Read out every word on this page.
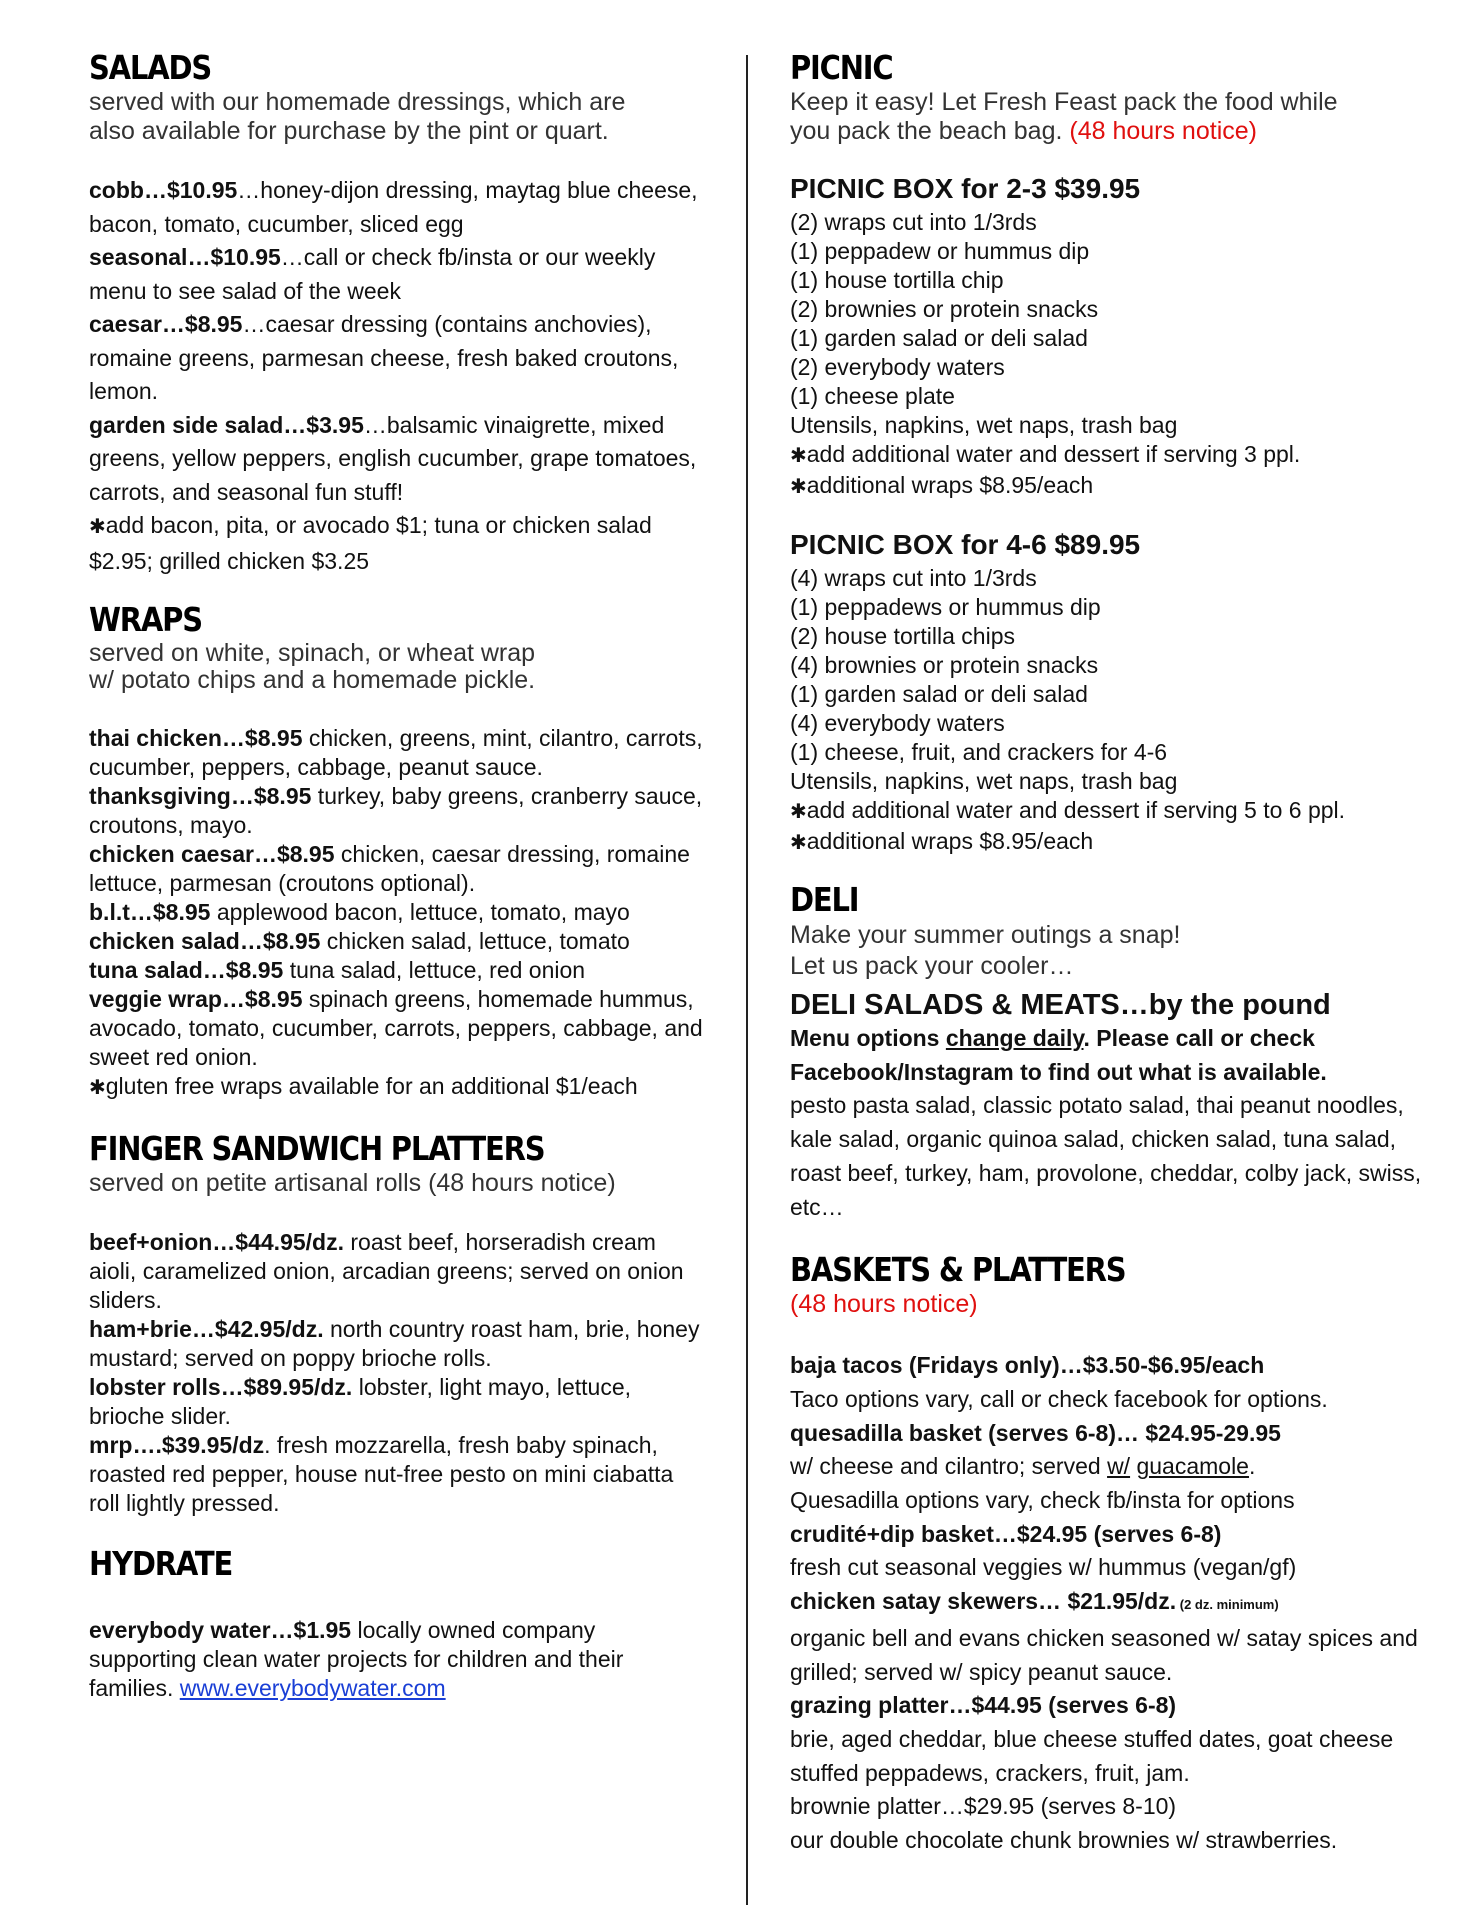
SALADS

served with our homemade dressings, which are
also available for purchase by the pint or quart.

cobb…$10.95…honey-dijon dressing, maytag blue cheese, bacon, tomato, cucumber, sliced egg
seasonal…$10.95…call or check fb/insta or our weekly menu to see salad of the week
caesar…$8.95…caesar dressing (contains anchovies), romaine greens, parmesan cheese, fresh baked croutons, lemon.
garden side salad…$3.95…balsamic vinaigrette, mixed greens, yellow peppers, english cucumber, grape tomatoes, carrots, and seasonal fun stuff!
✱add bacon, pita, or avocado $1; tuna or chicken salad $2.95; grilled chicken $3.25
WRAPS

served on white, spinach, or wheat wrap
w/ potato chips and a homemade pickle.

thai chicken…$8.95 chicken, greens, mint, cilantro, carrots, cucumber, peppers, cabbage, peanut sauce.
thanksgiving…$8.95 turkey, baby greens, cranberry sauce, croutons, mayo.
chicken caesar…$8.95 chicken, caesar dressing, romaine lettuce, parmesan (croutons optional).
b.l.t…$8.95 applewood bacon, lettuce, tomato, mayo
chicken salad…$8.95 chicken salad, lettuce, tomato
tuna salad…$8.95 tuna salad, lettuce, red onion
veggie wrap…$8.95 spinach greens, homemade hummus, avocado, tomato, cucumber, carrots, peppers, cabbage, and sweet red onion.
✱gluten free wraps available for an additional $1/each
FINGER SANDWICH PLATTERS

served on petite artisanal rolls (48 hours notice)

beef+onion…$44.95/dz. roast beef, horseradish cream aioli, caramelized onion, arcadian greens; served on onion sliders.
ham+brie…$42.95/dz. north country roast ham, brie, honey mustard; served on poppy brioche rolls.
lobster rolls…$89.95/dz. lobster, light mayo, lettuce, brioche slider.
mrp….$39.95/dz. fresh mozzarella, fresh baby spinach, roasted red pepper, house nut-free pesto on mini ciabatta roll lightly pressed.
HYDRATE
everybody water…$1.95 locally owned company supporting clean water projects for children and their families. www.everybodywater.com
PICNIC

Keep it easy! Let Fresh Feast pack the food while
you pack the beach bag. (48 hours notice)

PICNIC BOX for 2-3 $39.95
(2) wraps cut into 1/3rds
(1) peppadew or hummus dip
(1) house tortilla chip
(2) brownies or protein snacks
(1) garden salad or deli salad
(2) everybody waters
(1) cheese plate
Utensils, napkins, wet naps, trash bag
✱add additional water and dessert if serving 3 ppl.
✱additional wraps $8.95/each
PICNIC BOX for 4-6 $89.95
(4) wraps cut into 1/3rds
(1) peppadews or hummus dip
(2) house tortilla chips
(4) brownies or protein snacks
(1) garden salad or deli salad
(4) everybody waters
(1) cheese, fruit, and crackers for 4-6
Utensils, napkins, wet naps, trash bag
✱add additional water and dessert if serving 5 to 6 ppl.
✱additional wraps $8.95/each
DELI

Make your summer outings a snap!
Let us pack your cooler…

DELI SALADS & MEATS…by the pound
Menu options change daily. Please call or check Facebook/Instagram to find out what is available.
pesto pasta salad, classic potato salad, thai peanut noodles, kale salad, organic quinoa salad, chicken salad, tuna salad, roast beef, turkey, ham, provolone, cheddar, colby jack, swiss, etc…
BASKETS & PLATTERS

(48 hours notice)

baja tacos (Fridays only)…$3.50-$6.95/each
Taco options vary, call or check facebook for options.
quesadilla basket (serves 6-8)… $24.95-29.95
w/ cheese and cilantro; served w/ guacamole.
Quesadilla options vary, check fb/insta for options
crudité+dip basket…$24.95 (serves 6-8)
fresh cut seasonal veggies w/ hummus (vegan/gf)
chicken satay skewers… $21.95/dz. (2 dz. minimum)
organic bell and evans chicken seasoned w/ satay spices and grilled; served w/ spicy peanut sauce.
grazing platter…$44.95 (serves 6-8)
brie, aged cheddar, blue cheese stuffed dates, goat cheese stuffed peppadews, crackers, fruit, jam.
brownie platter…$29.95 (serves 8-10)
our double chocolate chunk brownies w/ strawberries.
